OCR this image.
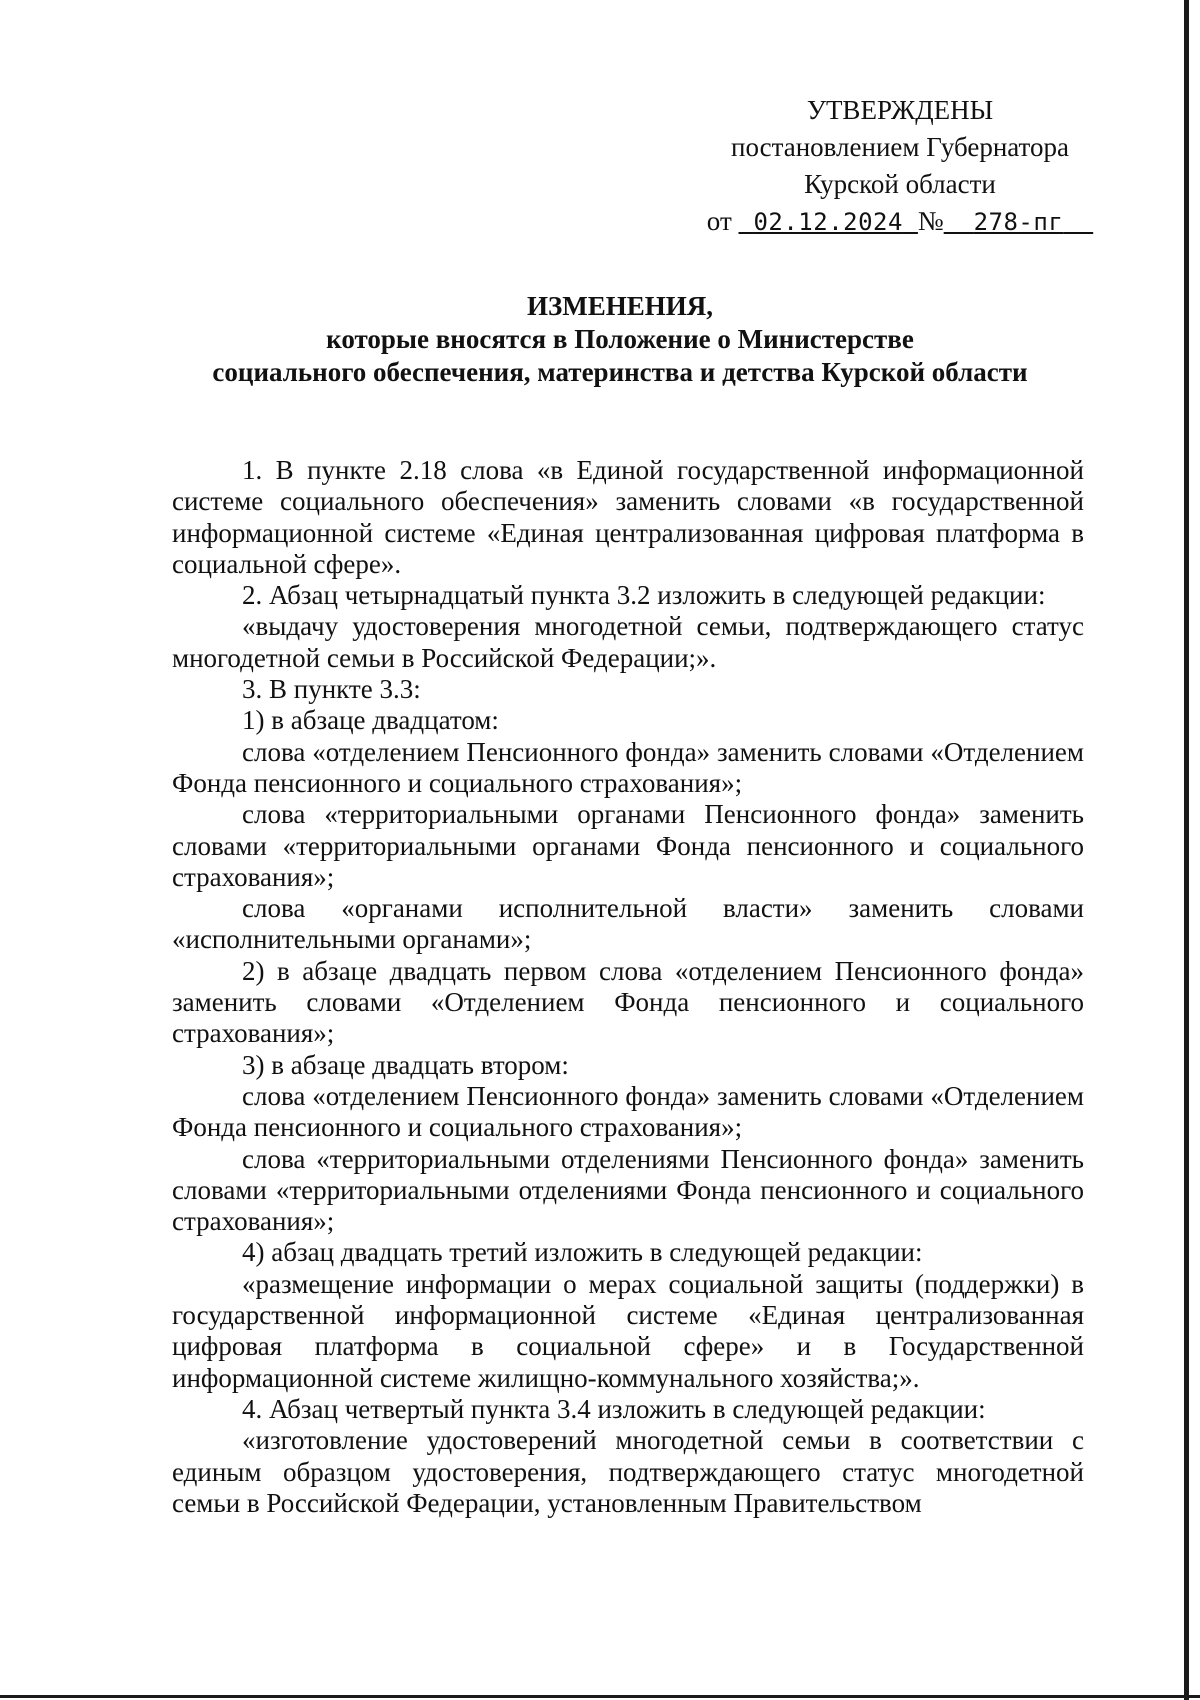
УТВЕРЖДЕНЫ
постановлением Губернатора
Курской области
от 02.12.2024 № 278-пг
ИЗМЕНЕНИЯ,
которые вносятся в Положение о Министерстве
социального обеспечения, материнства и детства Курской области

1. В пункте 2.18 слова «в Единой государственной информационной системе социального обеспечения» заменить словами «в государственной информационной системе «Единая централизованная цифровая платформа в социальной сфере».

2. Абзац четырнадцатый пункта 3.2 изложить в следующей редакции:

«выдачу удостоверения многодетной семьи, подтверждающего статус многодетной семьи в Российской Федерации;».

3. В пункте 3.3:

1) в абзаце двадцатом:

слова «отделением Пенсионного фонда» заменить словами «Отделением Фонда пенсионного и социального страхования»;

слова «территориальными органами Пенсионного фонда» заменить словами «территориальными органами Фонда пенсионного и социального страхования»;

слова «органами исполнительной власти» заменить словами «исполнительными органами»;

2) в абзаце двадцать первом слова «отделением Пенсионного фонда» заменить словами «Отделением Фонда пенсионного и социального страхования»;

3) в абзаце двадцать втором:

слова «отделением Пенсионного фонда» заменить словами «Отделением Фонда пенсионного и социального страхования»;

слова «территориальными отделениями Пенсионного фонда» заменить словами «территориальными отделениями Фонда пенсионного и социального страхования»;

4) абзац двадцать третий изложить в следующей редакции:

«размещение информации о мерах социальной защиты (поддержки) в государственной информационной системе «Единая централизованная цифровая платформа в социальной сфере» и в Государственной информационной системе жилищно-коммунального хозяйства;».

4. Абзац четвертый пункта 3.4 изложить в следующей редакции:

«изготовление удостоверений многодетной семьи в соответствии с единым образцом удостоверения, подтверждающего статус многодетной семьи в Российской Федерации, установленным Правительством
